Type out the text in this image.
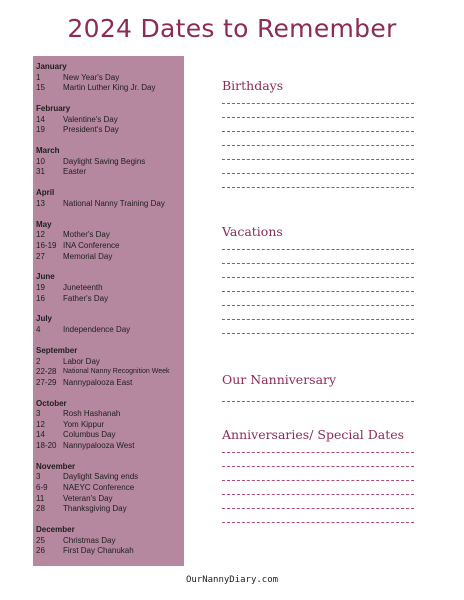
2024 Dates to Remember
January
1	New Year's Day
15	Martin Luther King Jr. Day
February
14	Valentine's Day
19	President's Day
March
10	Daylight Saving Begins
31	Easter
April
13	National Nanny Training Day
May
12	Mother's Day
16-19 INA Conference
27	Memorial Day
June
19	Juneteenth
16	Father's Day
July
4	Independence Day
September
2	Labor Day
22-28 National Nanny Recognition Week
27-29 Nannypalooza East
October
3	Rosh Hashanah
12	Yom Kippur
14	Columbus Day
18-20 Nannypalooza West
November
3	Daylight Saving ends
6-9	NAEYC Conference
11	Veteran's Day
28	Thanksgiving Day
December
25	Christmas Day
26	First Day Chanukah
Birthdays
Vacations
Our Nanniversary
Anniversaries/ Special Dates
OurNannyDiary.com
